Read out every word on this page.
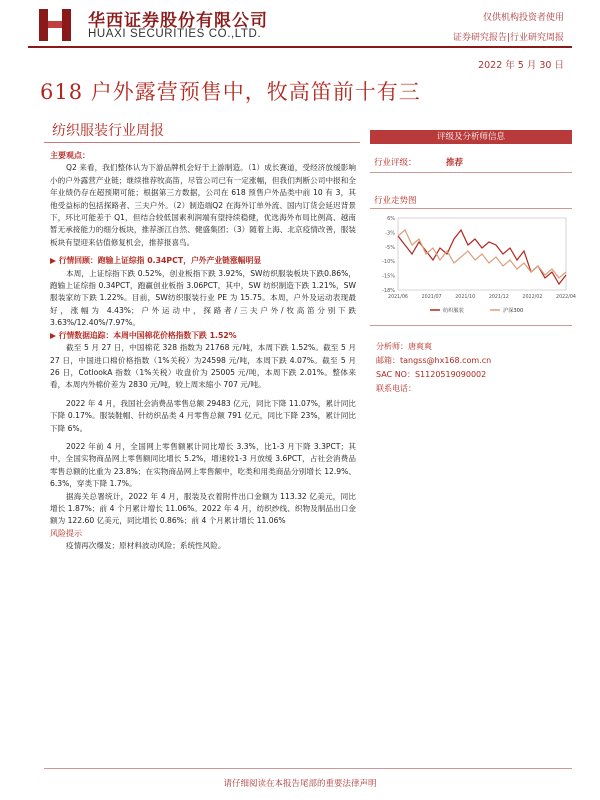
华西证券股份有限公司
HUAXI SECURITIES CO.,LTD.
仅供机构投资者使用
证券研究报告|行业研究周报
2022 年 5 月 30 日
618 户外露营预售中，牧高笛前十有三
纺织服装行业周报	评级及分析师信息
行业评级：	推荐
行业走势图
6%
-3%
-5%
-10%
-15%
-18%
2021/06	2021/07	2021/10	2021/12	2022/02	2022/04
纺织服装	沪深300
分析师：唐爽爽
邮箱：tangss@hx168.com.cn
SAC NO：S1120519090002
联系电话：
主要观点：

Q2 来看，我们整体认为下游品牌机会好于上游制造。（1）成长赛道，受经济放缓影响小的户外露营产业链；继续推荐牧高笛，尽管公司已有一定涨幅，但我们判断公司中报和全年业绩仍存在超预期可能；根据第三方数据，公司在 618 预售户外品类中前 10 有 3，其他受益标的包括探路者、三夫户外。（2）制造端Q2 在海外订单外流、国内订货会延迟背景下，环比可能差于 Q1，但结合较低国素利润端有望持续稳健，优选海外布局比例高、越南暂无承接能力的细分板块，推荐浙江自然、健盛集团；（3）随着上海、北京疫情改善，服装板块有望迎来估值修复机会，推荐报喜鸟。

▶ 行情回顾：跑输上证综指 0.34PCT，户外产业链涨幅明显

本周，上证综指下跌 0.52%，创业板指下跌 3.92%，SW纺织服装板块下跌0.86%，跑输上证综指 0.34PCT，跑赢创业板指 3.06PCT，其中，SW 纺织制造下跌 1.21%，SW 服装家纺下跌 1.22%。目前，SW纺织服装行业 PE 为 15.75。本周，户外及运动表现最好，涨幅为 4.43%；户外运动中，探路者/三夫户外/牧高笛分别下跌 3.63%/12.40%/7.97%。

▶ 行情数据追踪：本周中国棉花价格指数下跌 1.52%

截至 5 月 27 日，中国棉花 328 指数为 21768 元/吨，本周下跌 1.52%。截至 5 月 27 日，中国进口棉价格指数（1%关税）为24598 元/吨，本周下跌 4.07%。截至 5 月 26 日，CotlookA 指数（1%关税）收盘价为 25005 元/吨，本周下跌 2.01%。整体来看，本周内外棉价差为 2830 元/吨，较上周末缩小 707 元/吨。

2022 年 4 月，我国社会消费品零售总额 29483 亿元，同比下降 11.07%，累计同比下降 0.17%。服装鞋帽、针纺织品类 4 月零售总额 791 亿元，同比下降 23%，累计同比下降 6%。

2022 年前 4 月，全国网上零售额累计同比增长 3.3%，比1-3 月下降 3.3PCT；其中，全国实物商品网上零售额同比增长 5.2%，增速较1-3 月放缓 3.6PCT，占社会消费品零售总额的比重为 23.8%；在实物商品网上零售额中，吃类和用类商品分别增长 12.9%、6.3%，穿类下降 1.7%。

据海关总署统计，2022 年 4 月，服装及衣着附件出口金额为 113.32 亿美元，同比增长 1.87%；前 4 个月累计增长 11.06%。2022 年 4 月，纺织纱线、织物及制品出口金额为 122.60 亿美元，同比增长 0.86%；前 4 个月累计增长 11.06%

风险提示

疫情再次爆发；原材料波动风险；系统性风险。

请仔细阅读在本报告尾部的重要法律声明
